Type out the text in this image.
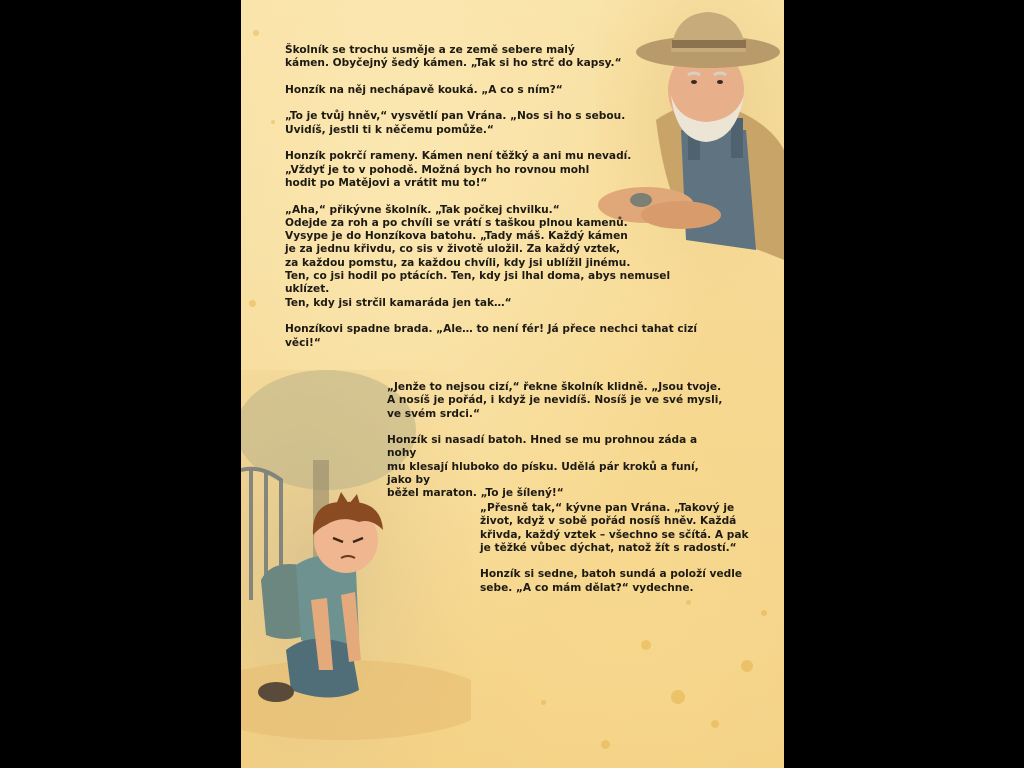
Školník se trochu usměje a ze země sebere malý
kámen. Obyčejný šedý kámen. „Tak si ho strč do kapsy.“

Honzík na něj nechápavě kouká. „A co s ním?“

„To je tvůj hněv,“ vysvětlí pan Vrána. „Nos si ho s sebou.
Uvidíš, jestli ti k něčemu pomůže.“

Honzík pokrčí rameny. Kámen není těžký a ani mu nevadí.
„Vždyť je to v pohodě. Možná bych ho rovnou mohl
hodit po Matějovi a vrátit mu to!“

„Aha,“ přikývne školník. „Tak počkej chvilku.“
Odejde za roh a po chvíli se vrátí s taškou plnou kamenů.
Vysype je do Honzíkova batohu. „Tady máš. Každý kámen
je za jednu křivdu, co sis v životě uložil. Za každý vztek,
za každou pomstu, za každou chvíli, kdy jsi ublížil jinému.
Ten, co jsi hodil po ptácích. Ten, kdy jsi lhal doma, abys nemusel uklízet.
Ten, kdy jsi strčil kamaráda jen tak…“

Honzíkovi spadne brada. „Ale… to není fér! Já přece nechci tahat cizí věci!“

„Jenže to nejsou cizí,“ řekne školník klidně. „Jsou tvoje.
A nosíš je pořád, i když je nevidíš. Nosíš je ve své mysli,
ve svém srdci.“

Honzík si nasadí batoh. Hned se mu prohnou záda a nohy
mu klesají hluboko do písku. Udělá pár kroků a funí, jako by
běžel maraton. „To je šílený!“

„Přesně tak,“ kývne pan Vrána. „Takový je
život, když v sobě pořád nosíš hněv. Každá
křivda, každý vztek – všechno se sčítá. A pak
je těžké vůbec dýchat, natož žít s radostí.“

Honzík si sedne, batoh sundá a položí vedle
sebe. „A co mám dělat?“ vydechne.
